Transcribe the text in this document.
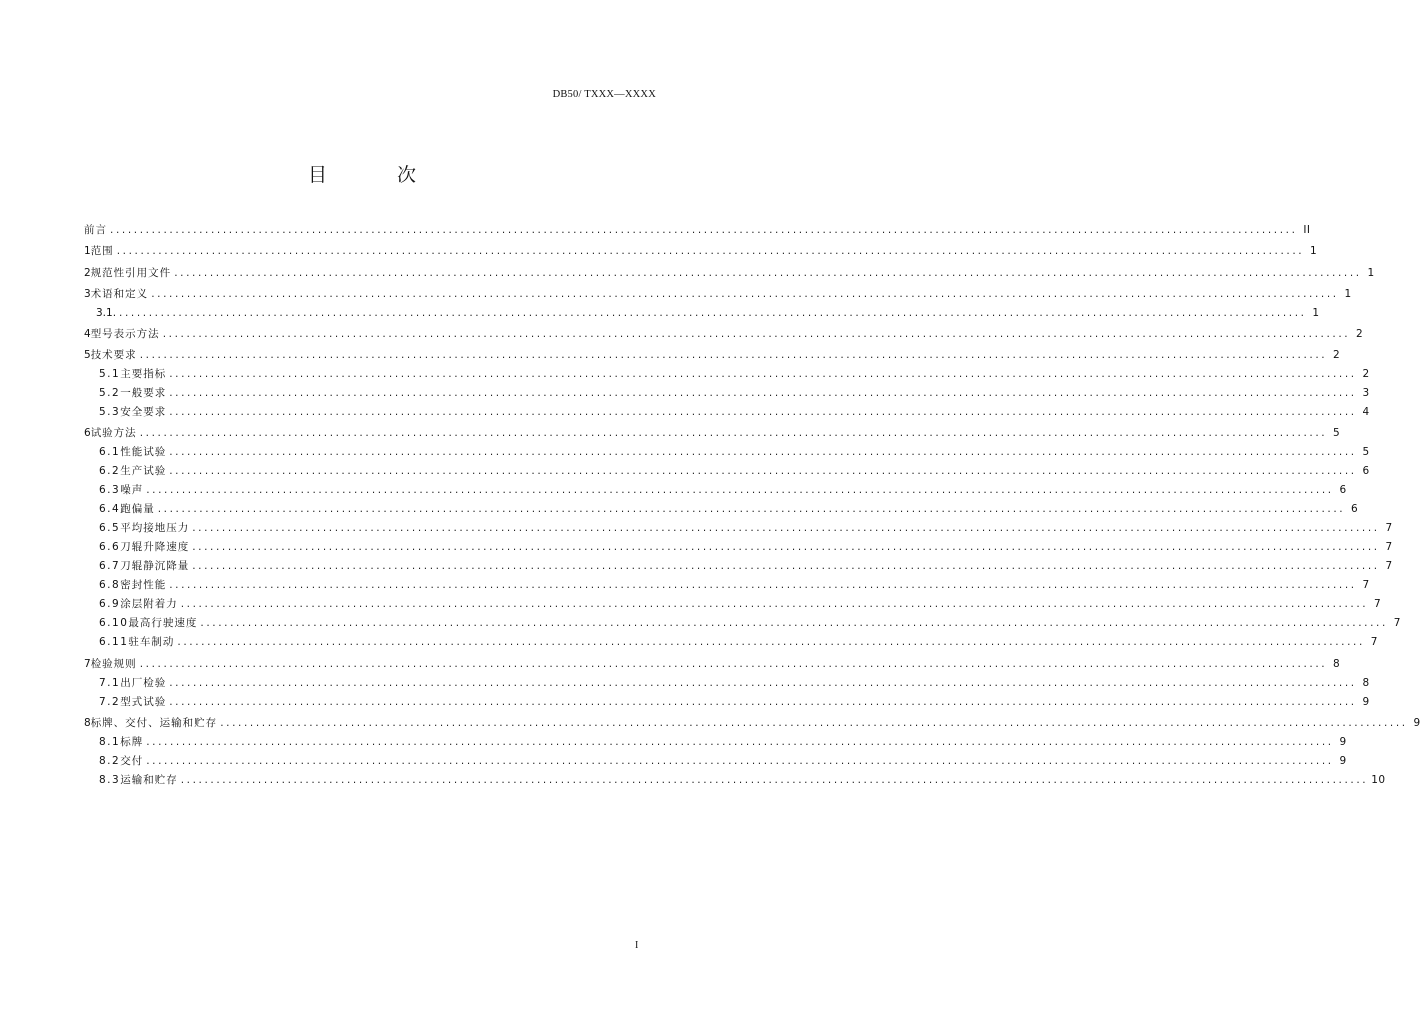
DB50/ TXXX—XXXX
目 次
前言 ........................................................................................................................................................................................................ II
1 范围 ........................................................................................................................................................................................................ 1
2 规范性引用文件 ........................................................................................................................................................................................................ 1
3 术语和定义 ........................................................................................................................................................................................................ 1
3.1. ........................................................................................................................................................................................................ 1
4 型号表示方法 ........................................................................................................................................................................................................ 2
5 技术要求 ........................................................................................................................................................................................................ 2
5.1 主要指标 ........................................................................................................................................................................................................ 2
5.2 一般要求 ........................................................................................................................................................................................................ 3
5.3 安全要求 ........................................................................................................................................................................................................ 4
6 试验方法 ........................................................................................................................................................................................................ 5
6.1 性能试验 ........................................................................................................................................................................................................ 5
6.2 生产试验 ........................................................................................................................................................................................................ 6
6.3 噪声 ........................................................................................................................................................................................................ 6
6.4 跑偏量 ........................................................................................................................................................................................................ 6
6.5 平均接地压力 ........................................................................................................................................................................................................ 7
6.6 刀辊升降速度 ........................................................................................................................................................................................................ 7
6.7 刀辊静沉降量 ........................................................................................................................................................................................................ 7
6.8 密封性能 ........................................................................................................................................................................................................ 7
6.9 涂层附着力 ........................................................................................................................................................................................................ 7
6.10 最高行驶速度 ........................................................................................................................................................................................................ 7
6.11 驻车制动 ........................................................................................................................................................................................................ 7
7 检验规则 ........................................................................................................................................................................................................ 8
7.1 出厂检验 ........................................................................................................................................................................................................ 8
7.2 型式试验 ........................................................................................................................................................................................................ 9
8 标牌、交付、运输和贮存 ........................................................................................................................................................................................................ 9
8.1 标牌 ........................................................................................................................................................................................................ 9
8.2 交付 ........................................................................................................................................................................................................ 9
8.3 运输和贮存 ........................................................................................................................................................................................................ 10
I
